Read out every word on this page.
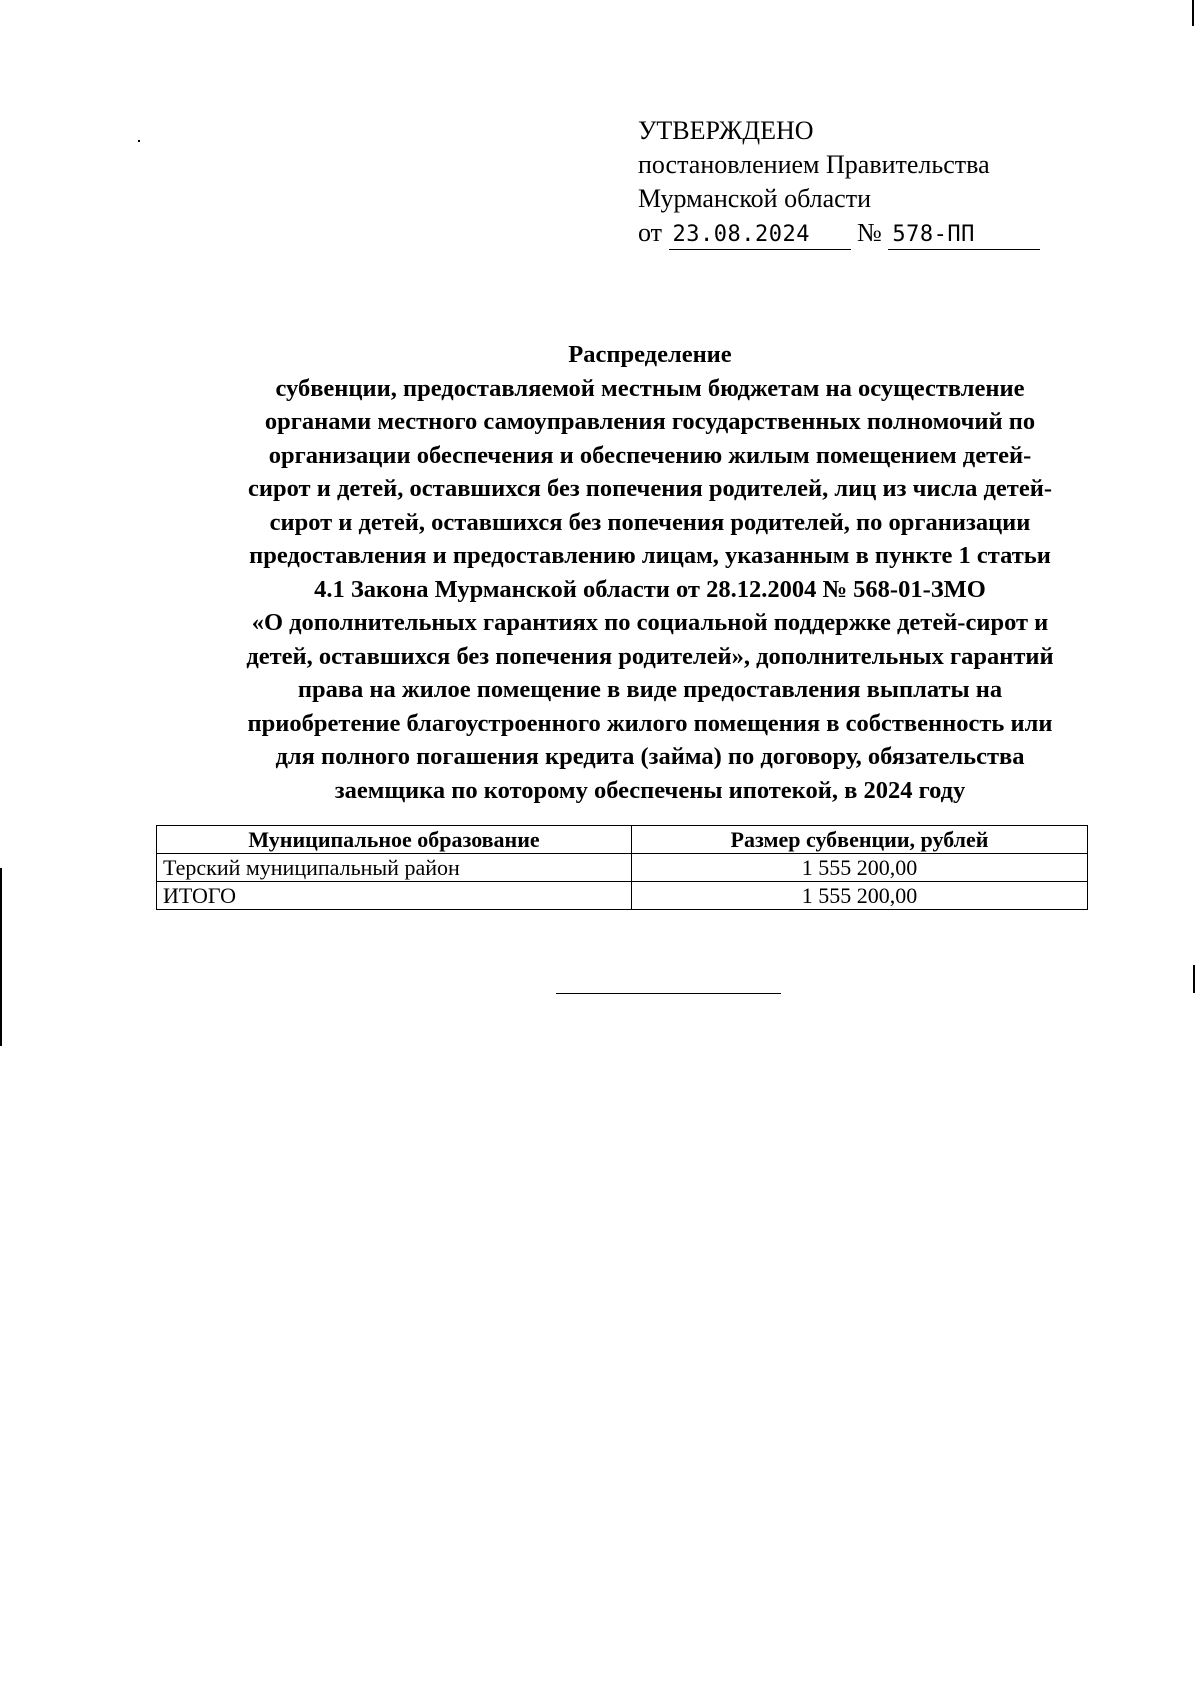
УТВЕРЖДЕНО
постановлением Правительства
Мурманской области
от 23.08.2024 № 578-ПП
Распределение
субвенции, предоставляемой местным бюджетам на осуществление
органами местного самоуправления государственных полномочий по
организации обеспечения и обеспечению жилым помещением детей-
сирот и детей, оставшихся без попечения родителей, лиц из числа детей-
сирот и детей, оставшихся без попечения родителей, по организации
предоставления и предоставлению лицам, указанным в пункте 1 статьи
4.1 Закона Мурманской области от 28.12.2004 № 568-01-ЗМО
«О дополнительных гарантиях по социальной поддержке детей-сирот и
детей, оставшихся без попечения родителей», дополнительных гарантий
права на жилое помещение в виде предоставления выплаты на
приобретение благоустроенного жилого помещения в собственность или
для полного погашения кредита (займа) по договору, обязательства
заемщика по которому обеспечены ипотекой, в 2024 году
Муниципальное образование	Размер субвенции, рублей
Терский муниципальный район	1 555 200,00
ИТОГО	1 555 200,00
